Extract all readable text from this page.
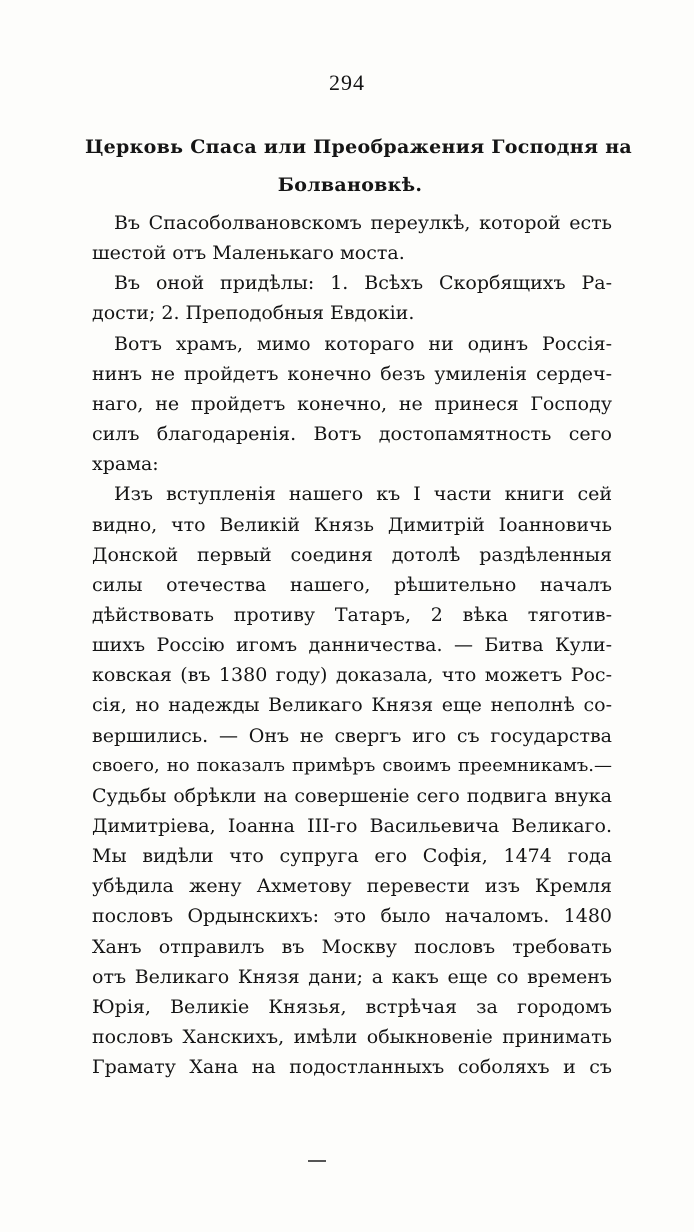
294
Церковь Спаса или Преображения Господня на
Болвановкѣ.
Въ Спасоболвановскомъ переулкѣ, которой есть
шестой отъ Маленькаго моста.
Въ оной придѣлы: 1. Всѣхъ Скорбящихъ Ра-
дости; 2. Преподобныя Евдокіи.
Вотъ храмъ, мимо котораго ни одинъ Россія-
нинъ не пройдетъ конечно безъ умиленія сердеч-
наго, не пройдетъ конечно, не принеся Господу
силъ благодаренія. Вотъ достопамятность сего
храма:
Изъ вступленія нашего къ I части книги сей
видно, что Великій Князь Димитрій Іоанновичь
Донской первый соединя дотолѣ раздѣленныя
силы отечества нашего, рѣшительно началъ
дѣйствовать противу Татаръ, 2 вѣка тяготив-
шихъ Россію игомъ данничества. — Битва Кули-
ковская (въ 1380 году) доказала, что можетъ Рос-
сія, но надежды Великаго Князя еще неполнѣ со-
вершились. — Онъ не свергъ иго съ государства
своего, но показалъ примѣръ своимъ преемникамъ.—
Судьбы обрѣкли на совершеніе сего подвига внука
Димитріева, Іоанна III-го Васильевича Великаго.
Мы видѣли что супруга его Софія, 1474 года
убѣдила жену Ахметову перевести изъ Кремля
пословъ Ордынскихъ: это было началомъ. 1480
Ханъ отправилъ въ Москву пословъ требовать
отъ Великаго Князя дани; а какъ еще со временъ
Юрія, Великіе Князья, встрѣчая за городомъ
пословъ Ханскихъ, имѣли обыкновеніе принимать
Грамату Хана на подостланныхъ соболяхъ и съ
